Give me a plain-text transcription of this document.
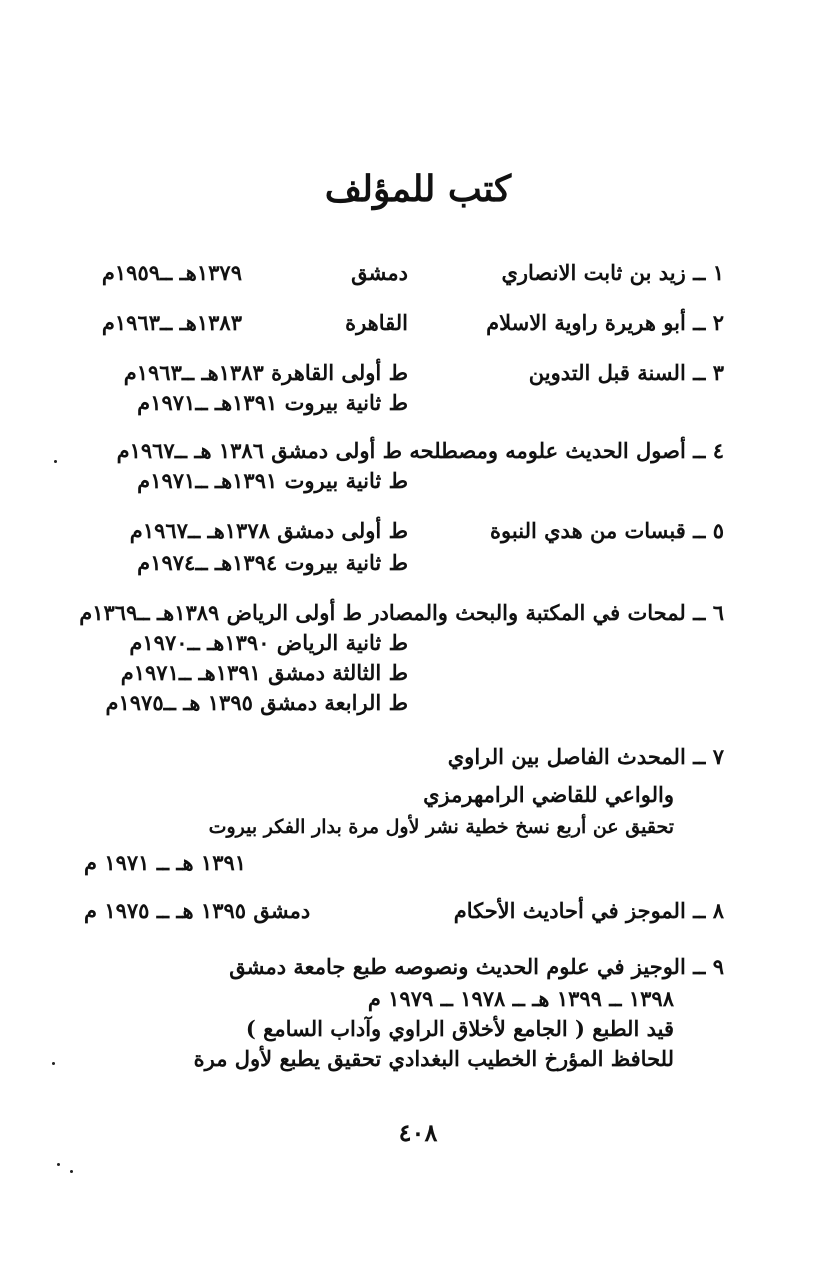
كتب للمؤلف
١ ــ زيد بن ثابت الانصاري
دمشق
١٣٧٩هـ ــ١٩٥٩م
٢ ــ أبو هريرة راوية الاسلام
القاهرة
١٣٨٣هـ ــ١٩٦٣م
٣ ــ السنة قبل التدوين
ط أولى القاهرة ١٣٨٣هـ ــ١٩٦٣م
ط ثانية بيروت ١٣٩١هـ ــ١٩٧١م
٤ ــ أصول الحديث علومه ومصطلحه ط أولى دمشق ١٣٨٦ هـ ــ١٩٦٧م
ط ثانية بيروت ١٣٩١هـ ــ١٩٧١م
٥ ــ قبسات من هدي النبوة
ط أولى دمشق ١٣٧٨هـ ــ١٩٦٧م
ط ثانية بيروت ١٣٩٤هـ ــ١٩٧٤م
٦ ــ لمحات في المكتبة والبحث والمصادر ط أولى الرياض ١٣٨٩هـ ــ١٣٦٩م
ط ثانية الرياض ١٣٩٠هـ ــ١٩٧٠م
ط الثالثة دمشق ١٣٩١هـ ــ١٩٧١م
ط الرابعة دمشق ١٣٩٥ هـ ــ١٩٧٥م
٧ ــ المحدث الفاصل بين الراوي
والواعي للقاضي الرامهرمزي
تحقيق عن أربع نسخ خطية نشر لأول مرة بدار الفكر بيروت
١٣٩١ هـ ــ ١٩٧١ م
٨ ــ الموجز في أحاديث الأحكام
دمشق ١٣٩٥ هـ ــ ١٩٧٥ م
٩ ــ الوجيز في علوم الحديث ونصوصه طبع جامعة دمشق
١٣٩٨ ــ ١٣٩٩ هـ ــ ١٩٧٨ ــ ١٩٧٩ م
قيد الطبع ( الجامع لأخلاق الراوي وآداب السامع )
للحافظ المؤرخ الخطيب البغدادي تحقيق يطبع لأول مرة
٤٠٨
